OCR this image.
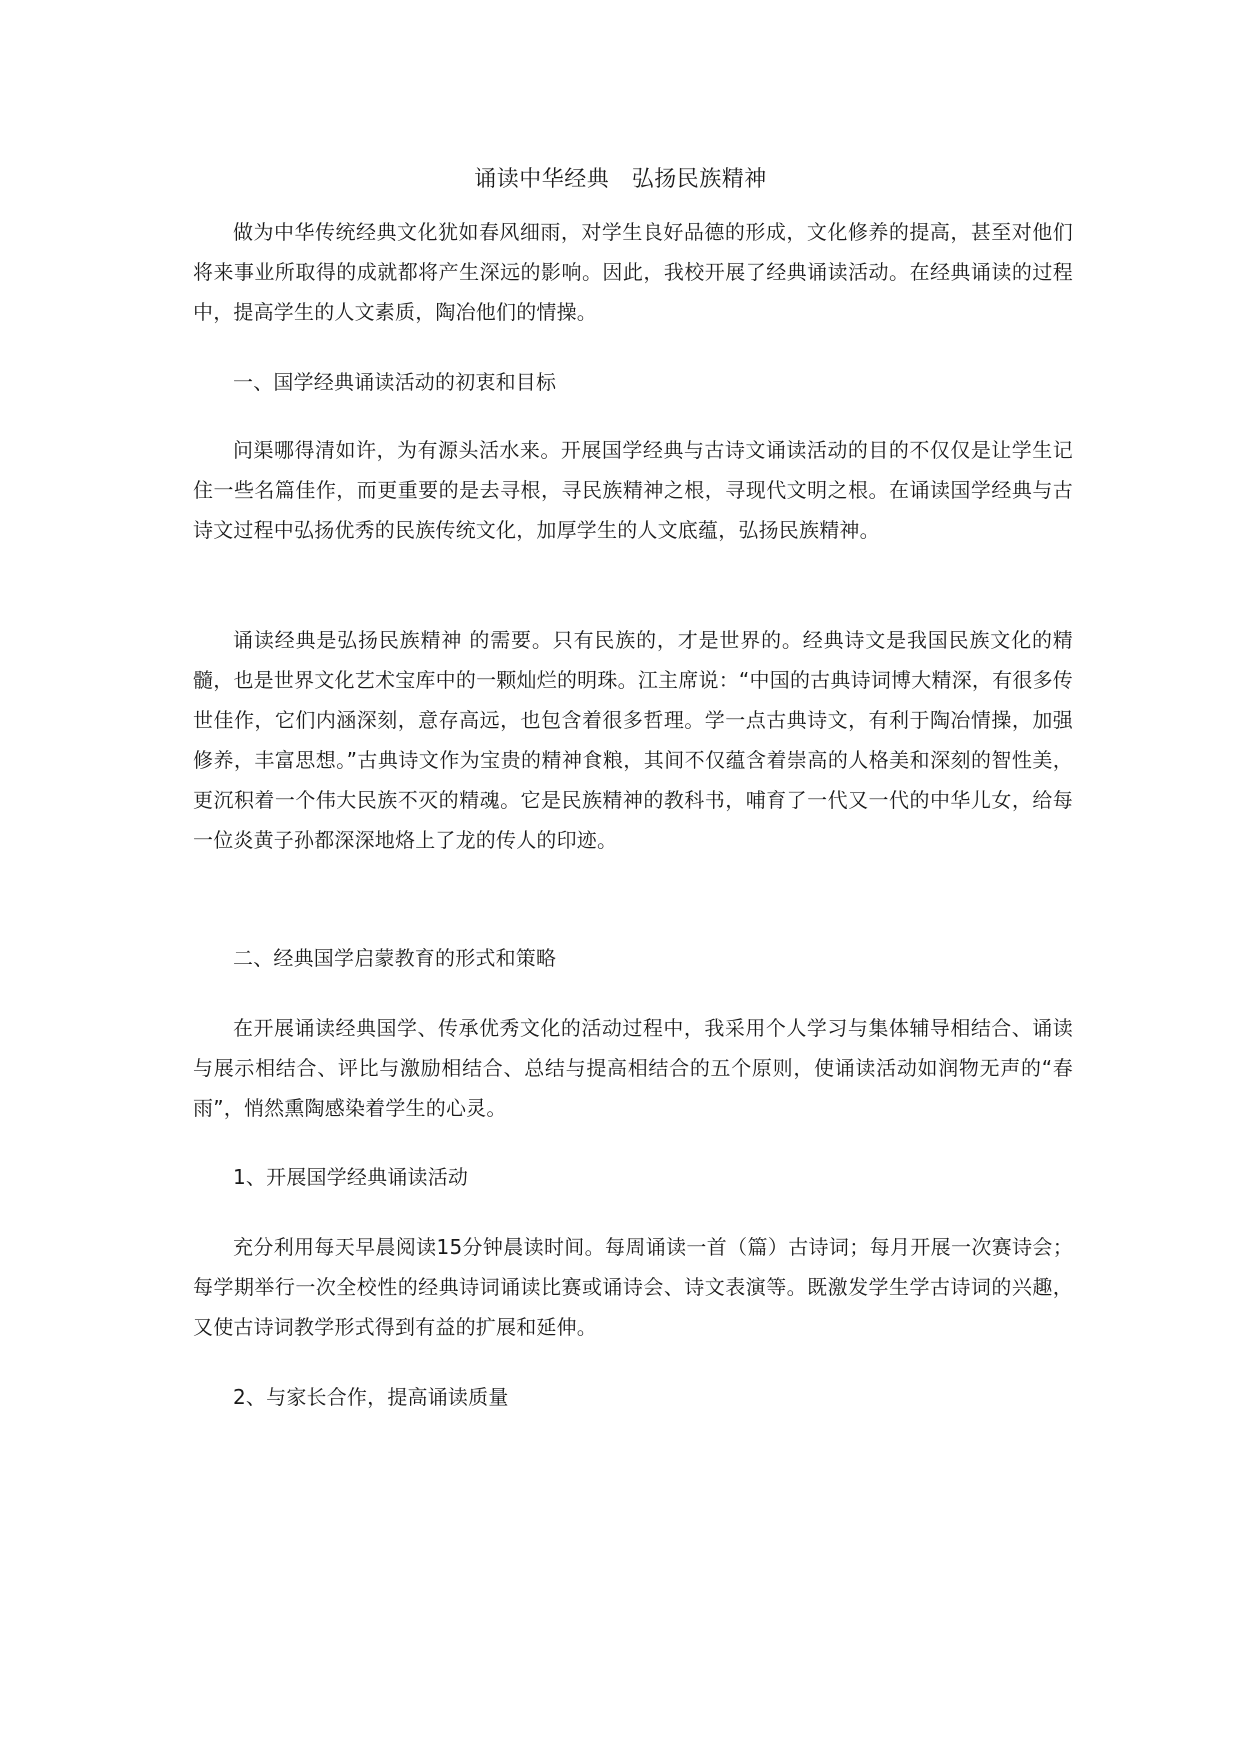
诵读中华经典　弘扬民族精神

做为中华传统经典文化犹如春风细雨，对学生良好品德的形成，文化修养的提高，甚至对他们将来事业所取得的成就都将产生深远的影响。因此，我校开展了经典诵读活动。在经典诵读的过程中，提高学生的人文素质，陶冶他们的情操。

一、国学经典诵读活动的初衷和目标

问渠哪得清如许，为有源头活水来。开展国学经典与古诗文诵读活动的目的不仅仅是让学生记住一些名篇佳作，而更重要的是去寻根，寻民族精神之根，寻现代文明之根。在诵读国学经典与古诗文过程中弘扬优秀的民族传统文化，加厚学生的人文底蕴，弘扬民族精神。

诵读经典是弘扬民族精神 的需要。只有民族的，才是世界的。经典诗文是我国民族文化的精髓，也是世界文化艺术宝库中的一颗灿烂的明珠。江主席说：“中国的古典诗词博大精深，有很多传世佳作，它们内涵深刻，意存高远，也包含着很多哲理。学一点古典诗文，有利于陶冶情操，加强修养，丰富思想。”古典诗文作为宝贵的精神食粮，其间不仅蕴含着崇高的人格美和深刻的智性美，更沉积着一个伟大民族不灭的精魂。它是民族精神的教科书，哺育了一代又一代的中华儿女，给每一位炎黄子孙都深深地烙上了龙的传人的印迹。

二、经典国学启蒙教育的形式和策略

在开展诵读经典国学、传承优秀文化的活动过程中，我采用个人学习与集体辅导相结合、诵读与展示相结合、评比与激励相结合、总结与提高相结合的五个原则，使诵读活动如润物无声的“春雨”，悄然熏陶感染着学生的心灵。

1、开展国学经典诵读活动

充分利用每天早晨阅读15分钟晨读时间。每周诵读一首（篇）古诗词；每月开展一次赛诗会；每学期举行一次全校性的经典诗词诵读比赛或诵诗会、诗文表演等。既激发学生学古诗词的兴趣，又使古诗词教学形式得到有益的扩展和延伸。

2、与家长合作，提高诵读质量
